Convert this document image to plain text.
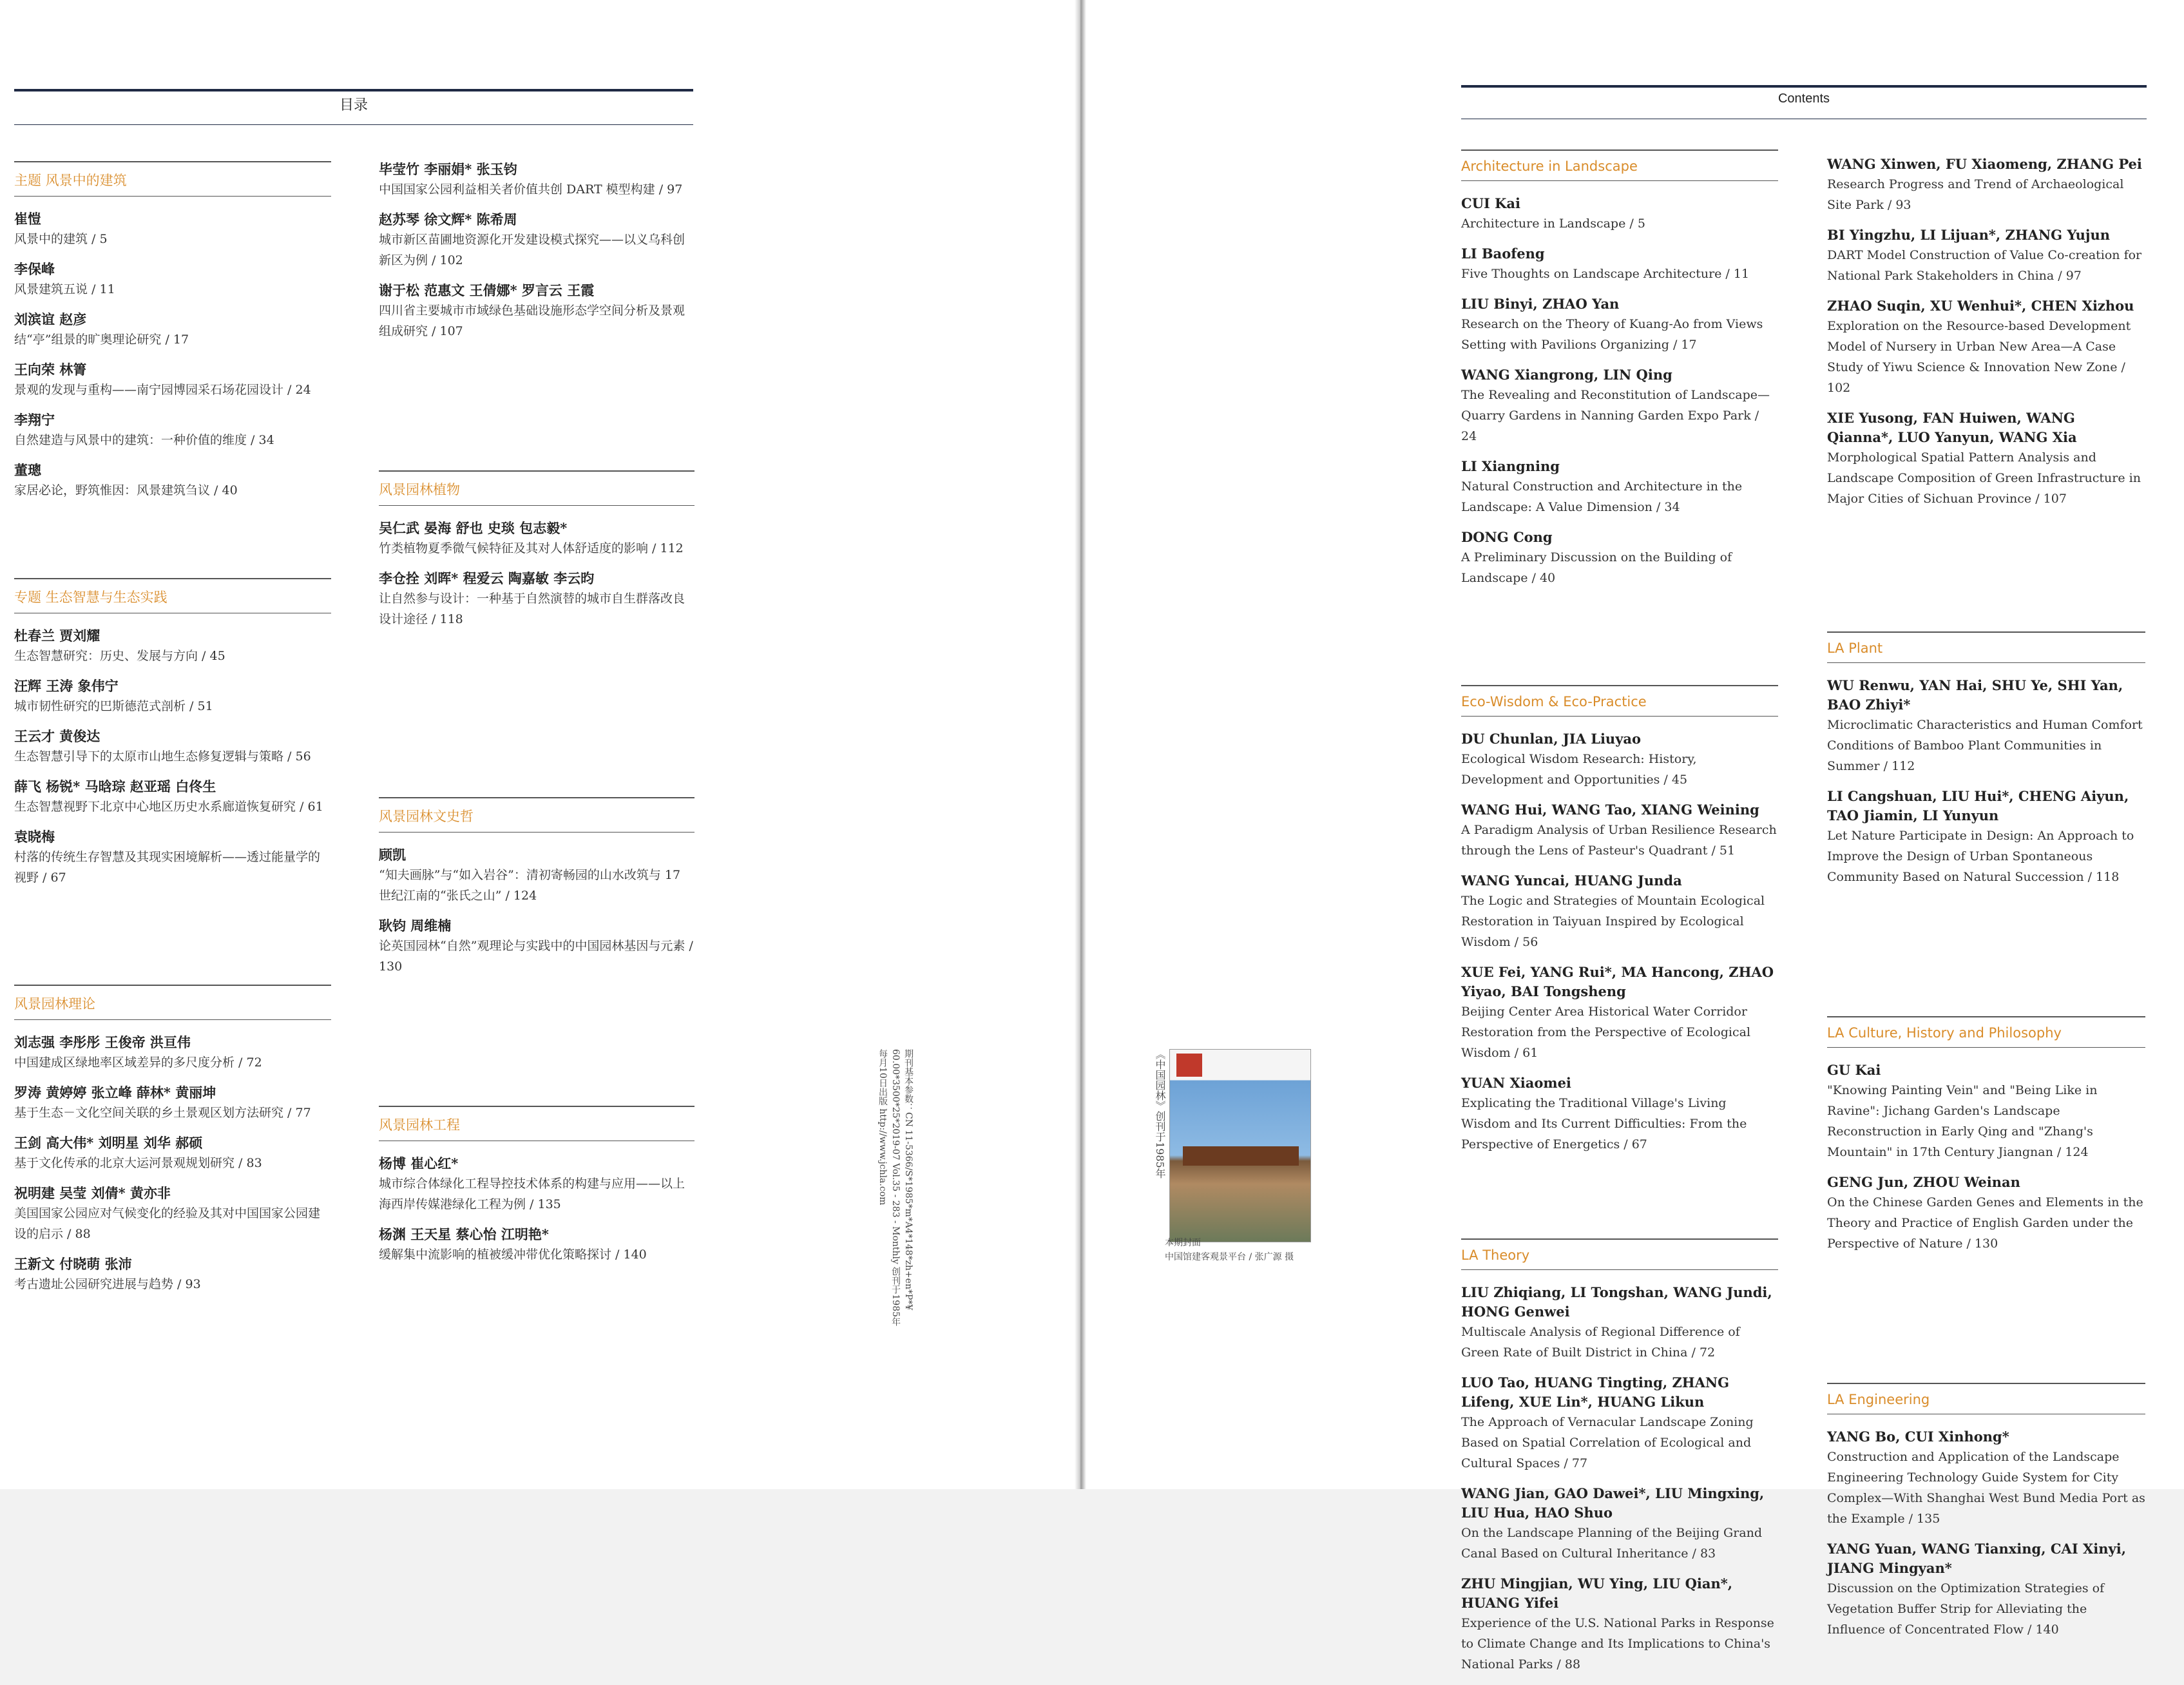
目录	Contents
主题 风景中的建筑
崔愷
风景中的建筑 / 5
李保峰
风景建筑五说 / 11
刘滨谊 赵彦
结“亭”组景的旷奥理论研究 / 17
王向荣 林箐
景观的发现与重构——南宁园博园采石场花园设计 / 24
李翔宁
自然建造与风景中的建筑：一种价值的维度 / 34
董璁
家居必论，野筑惟因：风景建筑刍议 / 40
专题 生态智慧与生态实践
杜春兰 贾刘耀
生态智慧研究：历史、发展与方向 / 45
汪辉 王涛 象伟宁
城市韧性研究的巴斯德范式剖析 / 51
王云才 黄俊达
生态智慧引导下的太原市山地生态修复逻辑与策略 / 56
薛飞 杨锐* 马晗琮 赵亚瑶 白佟生
生态智慧视野下北京中心地区历史水系廊道恢复研究 / 61
袁晓梅
村落的传统生存智慧及其现实困境解析——透过能量学的视野 / 67
风景园林理论
刘志强 李彤彤 王俊帝 洪亘伟
中国建成区绿地率区域差异的多尺度分析 / 72
罗涛 黄婷婷 张立峰 薛林* 黄丽坤
基于生态－文化空间关联的乡土景观区划方法研究 / 77
王剑 高大伟* 刘明星 刘华 郝硕
基于文化传承的北京大运河景观规划研究 / 83
祝明建 吴莹 刘倩* 黄亦非
美国国家公园应对气候变化的经验及其对中国国家公园建设的启示 / 88
王新文 付晓萌 张沛
考古遗址公园研究进展与趋势 / 93
毕莹竹 李丽娟* 张玉钧
中国国家公园利益相关者价值共创 DART 模型构建 / 97
赵苏琴 徐文辉* 陈希周
城市新区苗圃地资源化开发建设模式探究——以义乌科创新区为例 / 102
谢于松 范惠文 王倩娜* 罗言云 王霞
四川省主要城市市域绿色基础设施形态学空间分析及景观组成研究 / 107
风景园林植物
吴仁武 晏海 舒也 史琰 包志毅*
竹类植物夏季微气候特征及其对人体舒适度的影响 / 112
李仓拴 刘晖* 程爱云 陶嘉敏 李云昀
让自然参与设计：一种基于自然演替的城市自生群落改良设计途径 / 118
风景园林文史哲
顾凯
“知夫画脉”与“如入岩谷”：清初寄畅园的山水改筑与 17 世纪江南的“张氏之山” / 124
耿钧 周维楠
论英国园林“自然”观理论与实践中的中国园林基因与元素 / 130
风景园林工程
杨博 崔心红*
城市综合体绿化工程导控技术体系的构建与应用——以上海西岸传媒港绿化工程为例 / 135
杨渊 王天星 蔡心怡 江明艳*
缓解集中流影响的植被缓冲带优化策略探讨 / 140
Architecture in Landscape
CUI Kai
Architecture in Landscape / 5
LI Baofeng
Five Thoughts on Landscape Architecture / 11
LIU Binyi, ZHAO Yan
Research on the Theory of Kuang-Ao from Views Setting with Pavilions Organizing / 17
WANG Xiangrong, LIN Qing
The Revealing and Reconstitution of Landscape—Quarry Gardens in Nanning Garden Expo Park / 24
LI Xiangning
Natural Construction and Architecture in the Landscape: A Value Dimension / 34
DONG Cong
A Preliminary Discussion on the Building of Landscape / 40
Eco-Wisdom & Eco-Practice
DU Chunlan, JIA Liuyao
Ecological Wisdom Research: History, Development and Opportunities / 45
WANG Hui, WANG Tao, XIANG Weining
A Paradigm Analysis of Urban Resilience Research through the Lens of Pasteur's Quadrant / 51
WANG Yuncai, HUANG Junda
The Logic and Strategies of Mountain Ecological Restoration in Taiyuan Inspired by Ecological Wisdom / 56
XUE Fei, YANG Rui*, MA Hancong, ZHAO Yiyao, BAI Tongsheng
Beijing Center Area Historical Water Corridor Restoration from the Perspective of Ecological Wisdom / 61
YUAN Xiaomei
Explicating the Traditional Village's Living Wisdom and Its Current Difficulties: From the Perspective of Energetics / 67
LA Theory
LIU Zhiqiang, LI Tongshan, WANG Jundi, HONG Genwei
Multiscale Analysis of Regional Difference of Green Rate of Built District in China / 72
LUO Tao, HUANG Tingting, ZHANG Lifeng, XUE Lin*, HUANG Likun
The Approach of Vernacular Landscape Zoning Based on Spatial Correlation of Ecological and Cultural Spaces / 77
WANG Jian, GAO Dawei*, LIU Mingxing, LIU Hua, HAO Shuo
On the Landscape Planning of the Beijing Grand Canal Based on Cultural Inheritance / 83
ZHU Mingjian, WU Ying, LIU Qian*, HUANG Yifei
Experience of the U.S. National Parks in Response to Climate Change and Its Implications to China's National Parks / 88
WANG Xinwen, FU Xiaomeng, ZHANG Pei
Research Progress and Trend of Archaeological Site Park / 93
BI Yingzhu, LI Lijuan*, ZHANG Yujun
DART Model Construction of Value Co-creation for National Park Stakeholders in China / 97
ZHAO Suqin, XU Wenhui*, CHEN Xizhou
Exploration on the Resource-based Development Model of Nursery in Urban New Area—A Case Study of Yiwu Science & Innovation New Zone / 102
XIE Yusong, FAN Huiwen, WANG Qianna*, LUO Yanyun, WANG Xia
Morphological Spatial Pattern Analysis and Landscape Composition of Green Infrastructure in Major Cities of Sichuan Province / 107
LA Plant
WU Renwu, YAN Hai, SHU Ye, SHI Yan, BAO Zhiyi*
Microclimatic Characteristics and Human Comfort Conditions of Bamboo Plant Communities in Summer / 112
LI Cangshuan, LIU Hui*, CHENG Aiyun, TAO Jiamin, LI Yunyun
Let Nature Participate in Design: An Approach to Improve the Design of Urban Spontaneous Community Based on Natural Succession / 118
LA Culture, History and Philosophy
GU Kai
"Knowing Painting Vein" and "Being Like in Ravine": Jichang Garden's Landscape Reconstruction in Early Qing and "Zhang's Mountain" in 17th Century Jiangnan / 124
GENG Jun, ZHOU Weinan
On the Chinese Garden Genes and Elements in the Theory and Practice of English Garden under the Perspective of Nature / 130
LA Engineering
YANG Bo, CUI Xinhong*
Construction and Application of the Landscape Engineering Technology Guide System for City Complex—With Shanghai West Bund Media Port as the Example / 135
YANG Yuan, WANG Tianxing, CAI Xinyi, JIANG Mingyan*
Discussion on the Optimization Strategies of Vegetation Buffer Strip for Alleviating the Influence of Concentrated Flow / 140
期刊基本参数：CN 11-5366/S*1985*m*A4*148*zh+en*P*¥ 60.00*3500*25*2019-07 Vol.35 - 283 - Monthly 创刊于1985年 每月10日出版 http://www.jchla.com	《中国园林》创刊于1985年
本期封面
中国馆建客观景平台 / 张广源 摄
